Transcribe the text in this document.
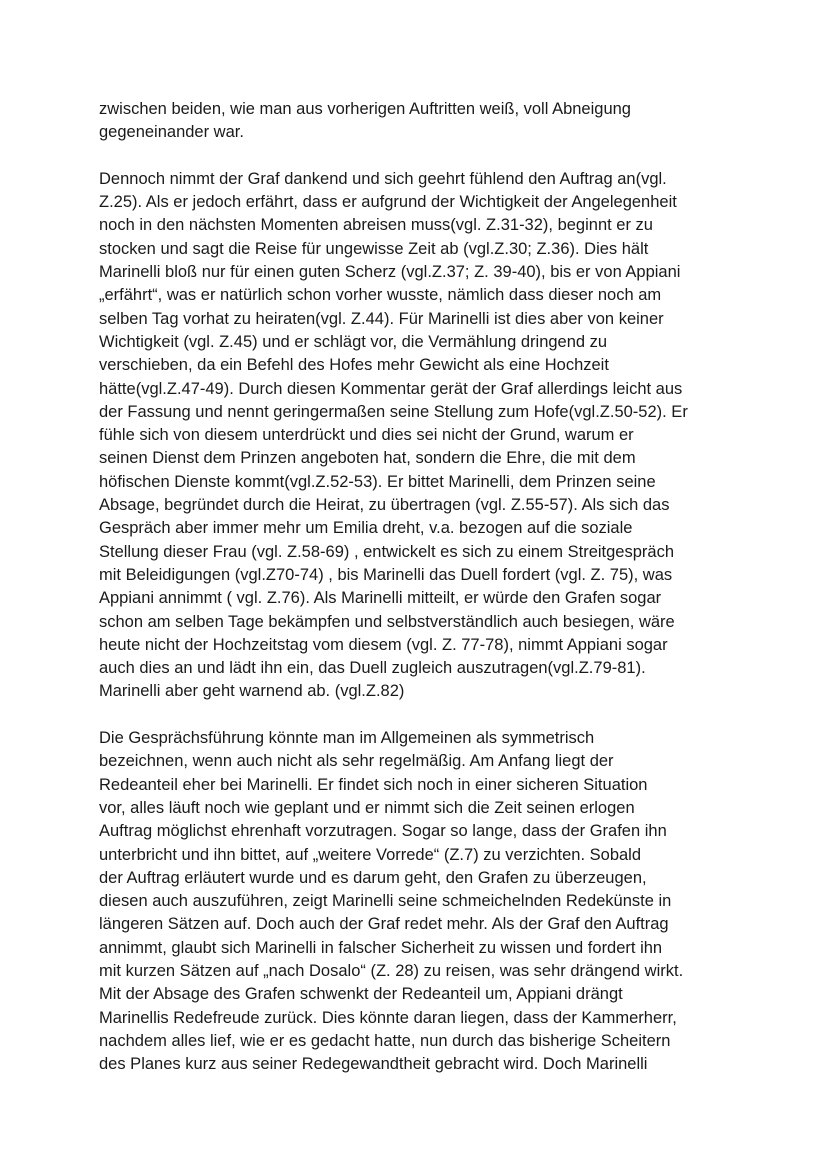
zwischen beiden, wie man aus vorherigen Auftritten weiß, voll Abneigung
gegeneinander war.
Dennoch nimmt der Graf dankend und sich geehrt fühlend den Auftrag an(vgl.
Z.25). Als er jedoch erfährt, dass er aufgrund der Wichtigkeit der Angelegenheit
noch in den nächsten Momenten abreisen muss(vgl. Z.31-32), beginnt er zu
stocken und sagt die Reise für ungewisse Zeit ab (vgl.Z.30; Z.36). Dies hält
Marinelli bloß nur für einen guten Scherz (vgl.Z.37; Z. 39-40), bis er von Appiani
„erfährt“, was er natürlich schon vorher wusste, nämlich dass dieser noch am
selben Tag vorhat zu heiraten(vgl. Z.44). Für Marinelli ist dies aber von keiner
Wichtigkeit (vgl. Z.45) und er schlägt vor, die Vermählung dringend zu
verschieben, da ein Befehl des Hofes mehr Gewicht als eine Hochzeit
hätte(vgl.Z.47-49). Durch diesen Kommentar gerät der Graf allerdings leicht aus
der Fassung und nennt geringermaßen seine Stellung zum Hofe(vgl.Z.50-52). Er
fühle sich von diesem unterdrückt und dies sei nicht der Grund, warum er
seinen Dienst dem Prinzen angeboten hat, sondern die Ehre, die mit dem
höfischen Dienste kommt(vgl.Z.52-53). Er bittet Marinelli, dem Prinzen seine
Absage, begründet durch die Heirat, zu übertragen (vgl. Z.55-57). Als sich das
Gespräch aber immer mehr um Emilia dreht, v.a. bezogen auf die soziale
Stellung dieser Frau (vgl. Z.58-69) , entwickelt es sich zu einem Streitgespräch
mit Beleidigungen (vgl.Z70-74) , bis Marinelli das Duell fordert (vgl. Z. 75), was
Appiani annimmt ( vgl. Z.76). Als Marinelli mitteilt, er würde den Grafen sogar
schon am selben Tage bekämpfen und selbstverständlich auch besiegen, wäre
heute nicht der Hochzeitstag vom diesem (vgl. Z. 77-78), nimmt Appiani sogar
auch dies an und lädt ihn ein, das Duell zugleich auszutragen(vgl.Z.79-81).
Marinelli aber geht warnend ab. (vgl.Z.82)
Die Gesprächsführung könnte man im Allgemeinen als symmetrisch
bezeichnen, wenn auch nicht als sehr regelmäßig. Am Anfang liegt der
Redeanteil eher bei Marinelli. Er findet sich noch in einer sicheren Situation
vor, alles läuft noch wie geplant und er nimmt sich die Zeit seinen erlogen
Auftrag möglichst ehrenhaft vorzutragen. Sogar so lange, dass der Grafen ihn
unterbricht und ihn bittet, auf „weitere Vorrede“ (Z.7) zu verzichten. Sobald
der Auftrag erläutert wurde und es darum geht, den Grafen zu überzeugen,
diesen auch auszuführen, zeigt Marinelli seine schmeichelnden Redekünste in
längeren Sätzen auf. Doch auch der Graf redet mehr. Als der Graf den Auftrag
annimmt, glaubt sich Marinelli in falscher Sicherheit zu wissen und fordert ihn
mit kurzen Sätzen auf „nach Dosalo“ (Z. 28) zu reisen, was sehr drängend wirkt.
Mit der Absage des Grafen schwenkt der Redeanteil um, Appiani drängt
Marinellis Redefreude zurück. Dies könnte daran liegen, dass der Kammerherr,
nachdem alles lief, wie er es gedacht hatte, nun durch das bisherige Scheitern
des Planes kurz aus seiner Redegewandtheit gebracht wird. Doch Marinelli
